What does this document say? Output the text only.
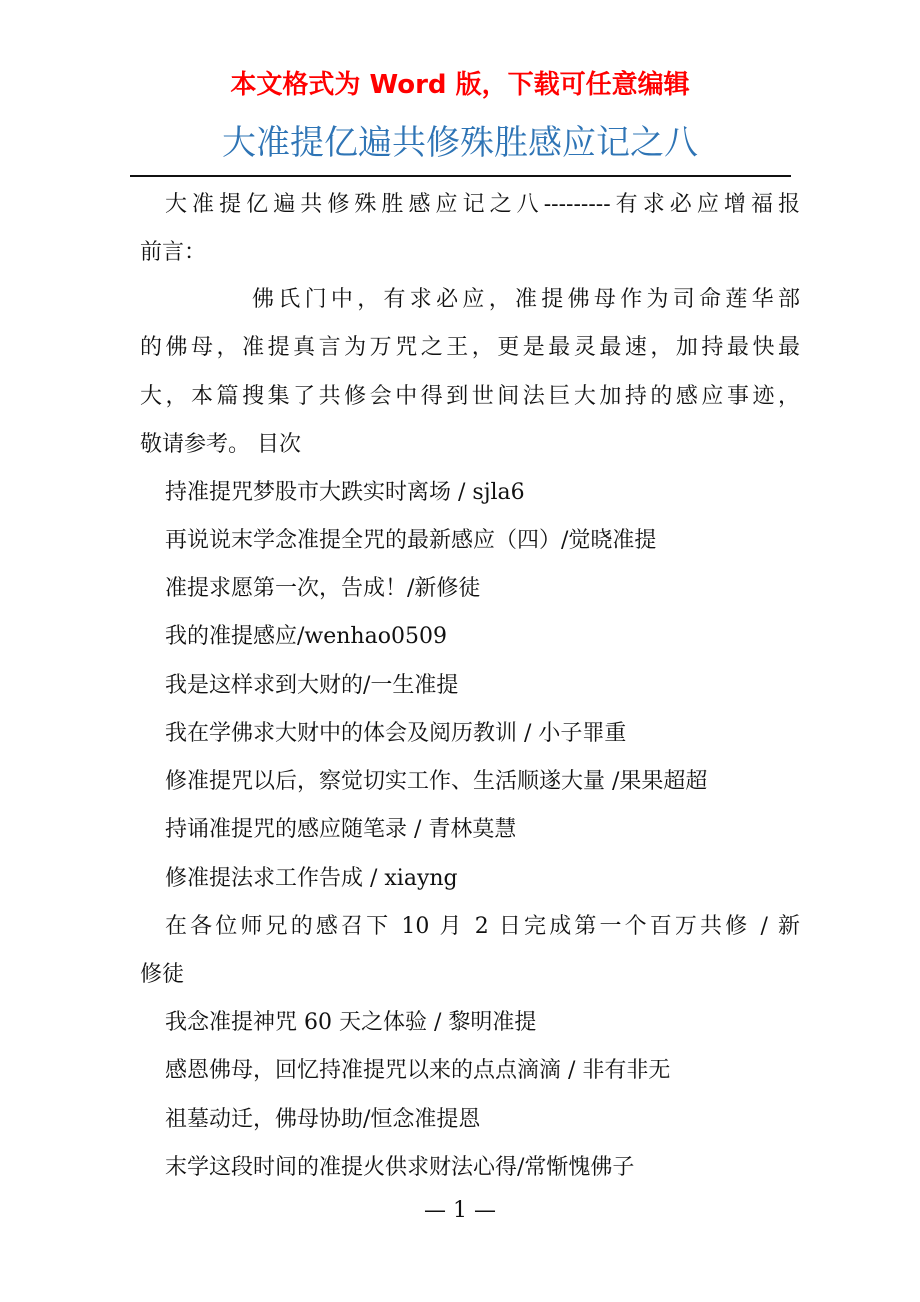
本文格式为 Word 版，下载可任意编辑
大准提亿遍共修殊胜感应记之八
大准提亿遍共修殊胜感应记之八---------有求必应增福报
前言：
佛氏门中，有求必应，准提佛母作为司命莲华部
的佛母，准提真言为万咒之王，更是最灵最速，加持最快最
大，本篇搜集了共修会中得到世间法巨大加持的感应事迹，
敬请参考。 目次
持准提咒梦股市大跌实时离场 / sjla6
再说说末学念准提全咒的最新感应（四）/觉晓准提
准提求愿第一次，告成！/新修徒
我的准提感应/wenhao0509
我是这样求到大财的/一生准提
我在学佛求大财中的体会及阅历教训 / 小子罪重
修准提咒以后，察觉切实工作、生活顺遂大量 /果果超超
持诵准提咒的感应随笔录 / 青林莫慧
修准提法求工作告成 / xiayng
在各位师兄的感召下 10 月 2 日完成第一个百万共修 / 新
修徒
我念准提神咒 60 天之体验 / 黎明准提
感恩佛母，回忆持准提咒以来的点点滴滴 / 非有非无
祖墓动迁，佛母协助/恒念准提恩
末学这段时间的准提火供求财法心得/常惭愧佛子
— 1 —
